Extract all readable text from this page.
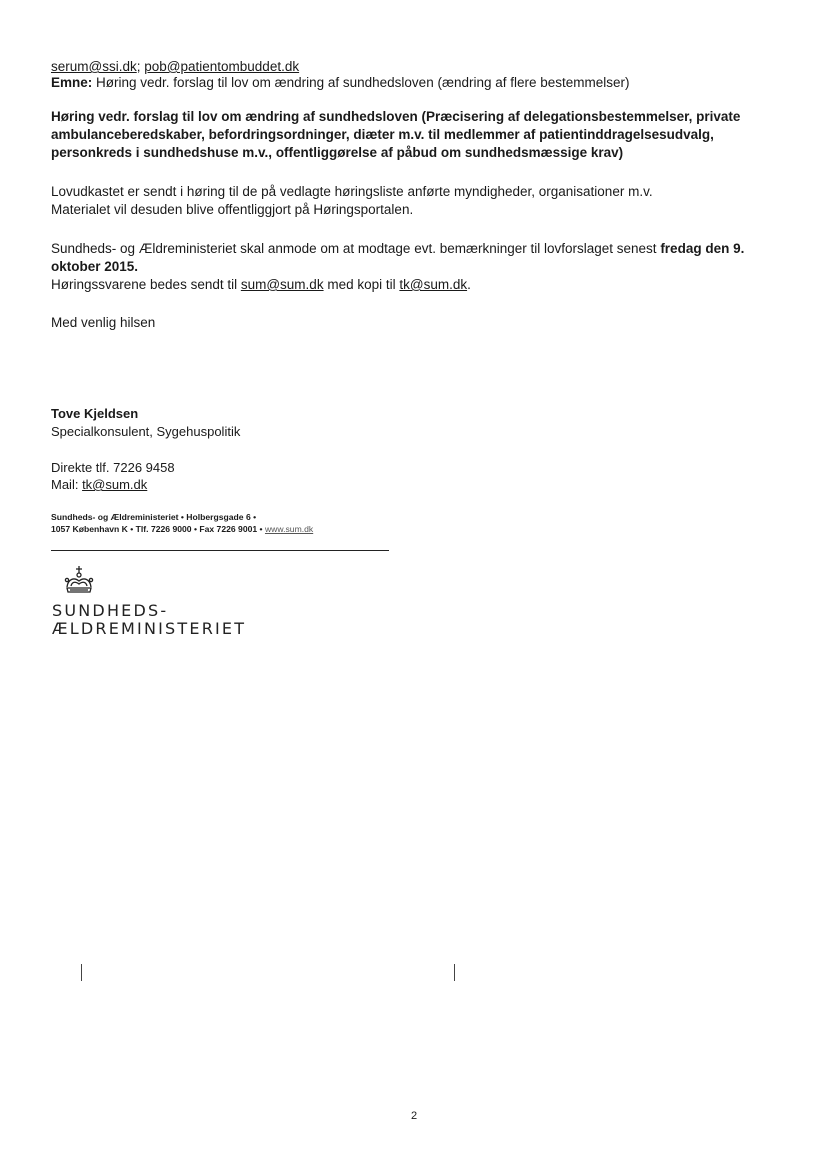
serum@ssi.dk; pob@patientombuddet.dk
Emne: Høring vedr. forslag til lov om ændring af sundhedsloven (ændring af flere bestemmelser)

Høring vedr. forslag til lov om ændring af sundhedsloven (Præcisering af delegationsbestemmelser, private ambulanceberedskaber, befordringsordninger, diæter m.v. til medlemmer af patientinddragelsesudvalg, personkreds i sundhedshuse m.v., offentliggørelse af påbud om sundhedsmæssige krav)

Lovudkastet er sendt i høring til de på vedlagte høringsliste anførte myndigheder, organisationer m.v.
Materialet vil desuden blive offentliggjort på Høringsportalen.

Sundheds- og Ældreministeriet skal anmode om at modtage evt. bemærkninger til lovforslaget senest fredag den 9. oktober 2015.

Høringssvarene bedes sendt til sum@sum.dk med kopi til tk@sum.dk.
Med venlig hilsen
Tove Kjeldsen
Specialkonsulent, Sygehuspolitik
Direkte tlf. 7226 9458
Mail: tk@sum.dk
Sundheds- og Ældreministeriet • Holbergsgade 6 •
1057 København K • Tlf. 7226 9000 • Fax 7226 9001 • www.sum.dk
SUNDHEDS-
ÆLDREMINISTERIET
2
